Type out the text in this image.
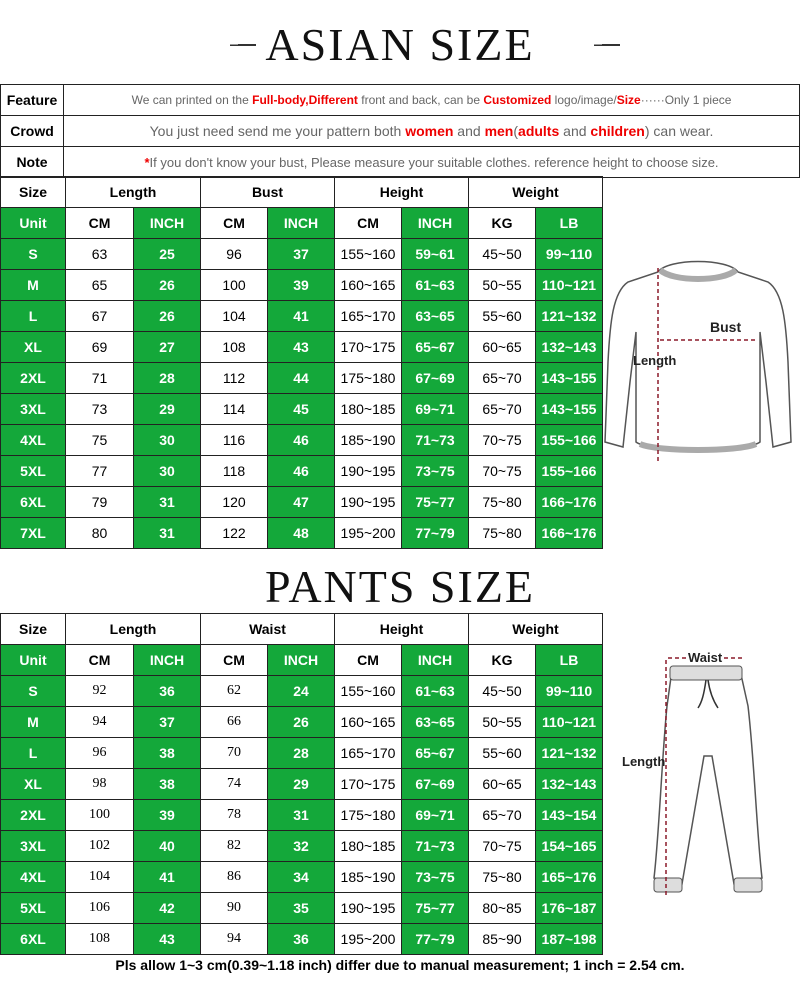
ASIAN SIZE
Feature	We can printed on the Full-body,Different front and back, can be Customized logo/image/Size······Only 1 piece
Crowd	You just need send me your pattern both women and men(adults and children) can wear.
Note	*If you don't know your bust, Please measure your suitable clothes. reference height to choose size.
Size	Length		Bust		Height		Weight	
Unit	CM	INCH	CM	INCH	CM	INCH	KG	LB
S	63	25	96	37	155~160	59~61	45~50	99~110
M	65	26	100	39	160~165	61~63	50~55	110~121
L	67	26	104	41	165~170	63~65	55~60	121~132
XL	69	27	108	43	170~175	65~67	60~65	132~143
2XL	71	28	112	44	175~180	67~69	65~70	143~155
3XL	73	29	114	45	180~185	69~71	65~70	143~155
4XL	75	30	116	46	185~190	71~73	70~75	155~166
5XL	77	30	118	46	190~195	73~75	70~75	155~166
6XL	79	31	120	47	190~195	75~77	75~80	166~176
7XL	80	31	122	48	195~200	77~79	75~80	166~176
Bust
Length
PANTS SIZE
Size	Length		Waist		Height		Weight	
Unit	CM	INCH	CM	INCH	CM	INCH	KG	LB
S	92	36	62	24	155~160	61~63	45~50	99~110
M	94	37	66	26	160~165	63~65	50~55	110~121
L	96	38	70	28	165~170	65~67	55~60	121~132
XL	98	38	74	29	170~175	67~69	60~65	132~143
2XL	100	39	78	31	175~180	69~71	65~70	143~154
3XL	102	40	82	32	180~185	71~73	70~75	154~165
4XL	104	41	86	34	185~190	73~75	75~80	165~176
5XL	106	42	90	35	190~195	75~77	80~85	176~187
6XL	108	43	94	36	195~200	77~79	85~90	187~198
Waist
Length
Pls allow 1~3 cm(0.39~1.18 inch) differ due to manual measurement; 1 inch = 2.54 cm.
